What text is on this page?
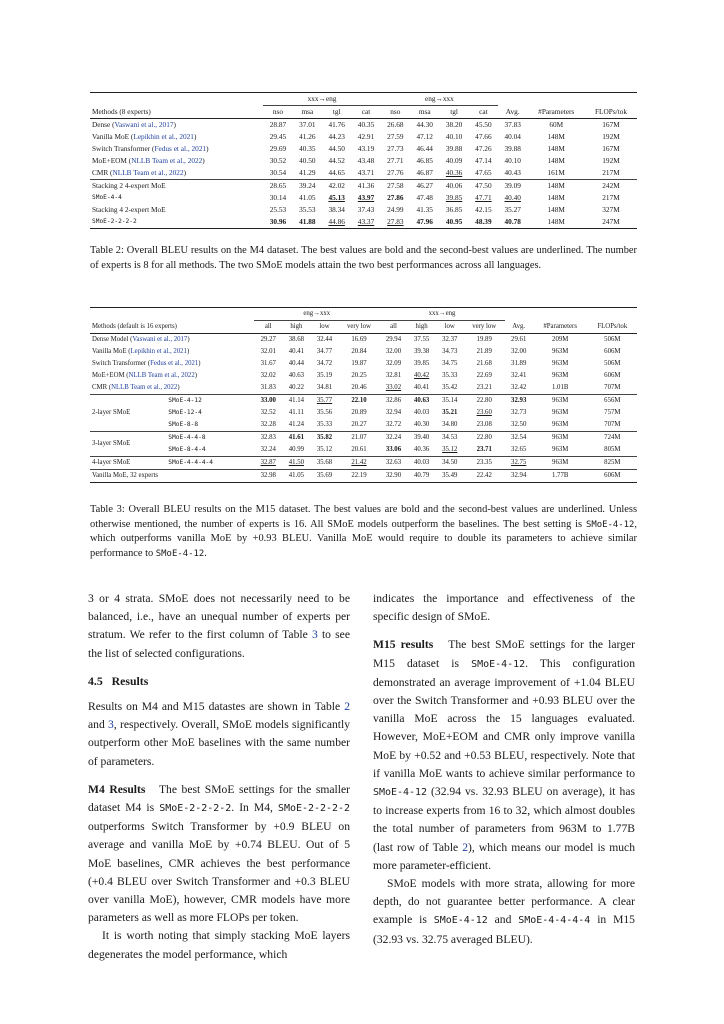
	xxx→eng				eng→xxx						
Methods (8 experts)	nso	msa	tgl	cat	nso	msa	tgl	cat	Avg.	#Parameters	FLOPs/tok
Dense (Vaswani et al., 2017)	28.87	37.01	41.76	40.35	26.68	44.30	38.20	45.50	37.83	60M	167M
Vanilla MoE (Lepikhin et al., 2021)	29.45	41.26	44.23	42.91	27.59	47.12	40.10	47.66	40.04	148M	192M
Switch Transformer (Fedus et al., 2021)	29.69	40.35	44.50	43.19	27.73	46.44	39.88	47.26	39.88	148M	167M
MoE+EOM (NLLB Team et al., 2022)	30.52	40.50	44.52	43.48	27.71	46.85	40.09	47.14	40.10	148M	192M
CMR (NLLB Team et al., 2022)	30.54	41.29	44.65	43.71	27.76	46.87	40.36	47.65	40.43	161M	217M
Stacking 2 4-expert MoE	28.65	39.24	42.02	41.36	27.58	46.27	40.06	47.50	39.09	148M	242M
SMoE-4-4	30.14	41.05	45.13	43.97	27.86	47.48	39.85	47.71	40.40	148M	217M
Stacking 4 2-expert MoE	25.53	35.53	38.34	37.43	24.99	41.35	36.85	42.15	35.27	148M	327M
SMoE-2-2-2-2	30.96	41.88	44.86	43.37	27.83	47.96	40.95	48.39	40.78	148M	247M

Table 2: Overall BLEU results on the M4 dataset. The best values are bold and the second-best values are underlined. The number of experts is 8 for all methods. The two SMoE models attain the two best performances across all languages.

		eng→xxx				xxx→eng						
Methods (default is 16 experts)		all	high	low	very low	all	high	low	very low	Avg.	#Parameters	FLOPs/tok
Dense Model (Vaswani et al., 2017)		29.27	38.68	32.44	16.69	29.94	37.55	32.37	19.89	29.61	209M	506M
Vanilla MoE (Lepikhin et al., 2021)		32.01	40.41	34.77	20.84	32.00	39.38	34.73	21.89	32.00	963M	606M
Switch Transformer (Fedus et al., 2021)		31.67	40.44	34.72	19.87	32.09	39.85	34.75	21.68	31.89	963M	506M
MoE+EOM (NLLB Team et al., 2022)		32.02	40.63	35.19	20.25	32.81	40.42	35.33	22.69	32.41	963M	606M
CMR (NLLB Team et al., 2022)		31.83	40.22	34.81	20.46	33.02	40.41	35.42	23.21	32.42	1.01B	707M
2-layer SMoE	SMoE-4-12	33.00	41.14	35.77	22.10	32.86	40.63	35.14	22.80	32.93	963M	656M
	SMoE-12-4	32.52	41.11	35.56	20.89	32.94	40.03	35.21	23.60	32.73	963M	757M
	SMoE-8-8	32.28	41.24	35.33	20.27	32.72	40.30	34.80	23.08	32.50	963M	707M
3-layer SMoE	SMoE-4-4-8	32.83	41.61	35.82	21.07	32.24	39.40	34.53	22.80	32.54	963M	724M
	SMoE-8-4-4	32.24	40.99	35.12	20.61	33.06	40.36	35.12	23.71	32.65	963M	805M
4-layer SMoE	SMoE-4-4-4-4	32.87	41.50	35.68	21.42	32.63	40.03	34.50	23.35	32.75	963M	825M
Vanilla MoE, 32 experts		32.98	41.05	35.69	22.19	32.90	40.79	35.49	22.42	32.94	1.77B	606M

Table 3: Overall BLEU results on the M15 dataset. The best values are bold and the second-best values are underlined. Unless otherwise mentioned, the number of experts is 16. All SMoE models outperform the baselines. The best setting is SMoE-4-12, which outperforms vanilla MoE by +0.93 BLEU. Vanilla MoE would require to double its parameters to achieve similar performance to SMoE-4-12.

3 or 4 strata. SMoE does not necessarily need to be balanced, i.e., have an unequal number of experts per stratum. We refer to the first column of Table 3 to see the list of selected configurations.

4.5 Results

Results on M4 and M15 datastes are shown in Table 2 and 3, respectively. Overall, SMoE models significantly outperform other MoE baselines with the same number of parameters.

M4 Results The best SMoE settings for the smaller dataset M4 is SMoE-2-2-2-2. In M4, SMoE-2-2-2-2 outperforms Switch Transformer by +0.9 BLEU on average and vanilla MoE by +0.74 BLEU. Out of 5 MoE baselines, CMR achieves the best performance (+0.4 BLEU over Switch Transformer and +0.3 BLEU over vanilla MoE), however, CMR models have more parameters as well as more FLOPs per token.

It is worth noting that simply stacking MoE layers degenerates the model performance, which

indicates the importance and effectiveness of the specific design of SMoE.

M15 results The best SMoE settings for the larger M15 dataset is SMoE-4-12. This configuration demonstrated an average improvement of +1.04 BLEU over the Switch Transformer and +0.93 BLEU over the vanilla MoE across the 15 languages evaluated. However, MoE+EOM and CMR only improve vanilla MoE by +0.52 and +0.53 BLEU, respectively. Note that if vanilla MoE wants to achieve similar performance to SMoE-4-12 (32.94 vs. 32.93 BLEU on average), it has to increase experts from 16 to 32, which almost doubles the total number of parameters from 963M to 1.77B (last row of Table 2), which means our model is much more parameter-efficient.

SMoE models with more strata, allowing for more depth, do not guarantee better performance. A clear example is SMoE-4-12 and SMoE-4-4-4-4 in M15 (32.93 vs. 32.75 averaged BLEU).
